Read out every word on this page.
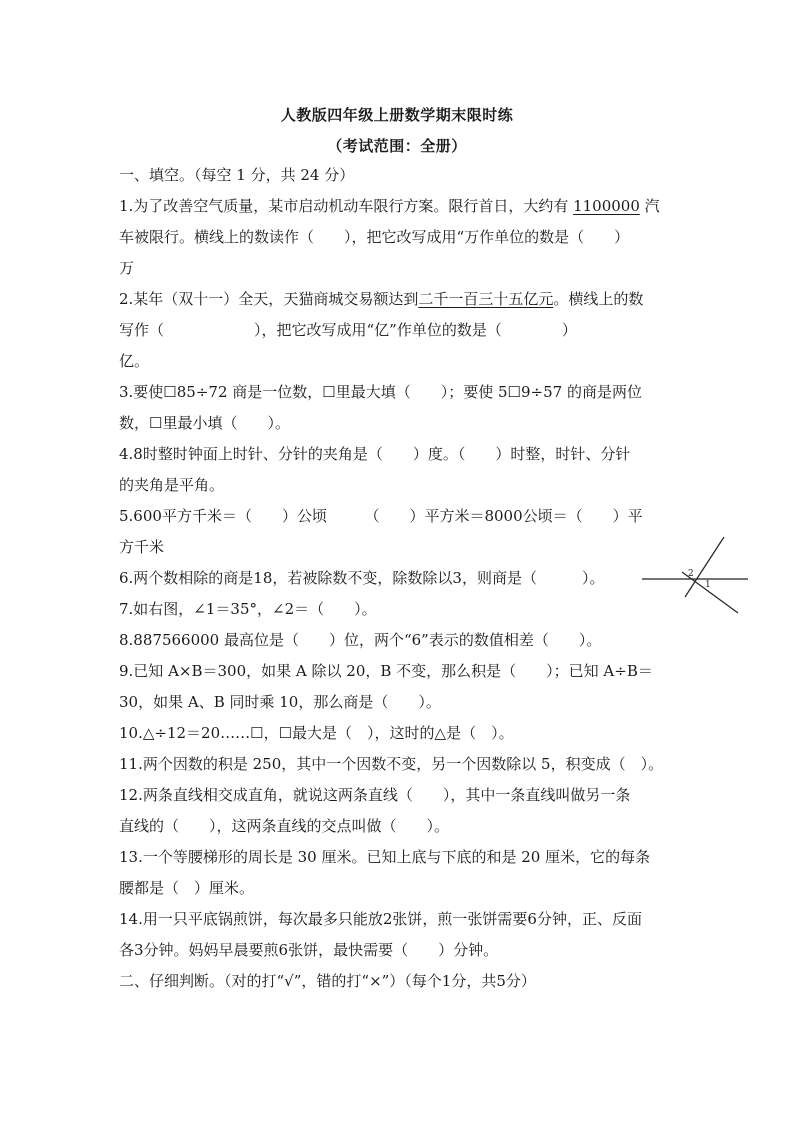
人教版四年级上册数学期末限时练
（考试范围：全册）
一、填空。（每空 1 分，共 24 分）
1.为了改善空气质量，某市启动机动车限行方案。限行首日，大约有 1100000 汽
车被限行。横线上的数读作（　　），把它改写成用“万作单位的数是（　　）
万
2.某年（双十一）全天，天猫商城交易额达到二千一百三十五亿元。横线上的数
写作（　　　　　　），把它改写成用“亿”作单位的数是（　　　　）
亿。
3.要使☐85÷72 商是一位数，☐里最大填（　　）；要使 5☐9÷57 的商是两位
数，☐里最小填（　　）。
4.8时整时钟面上时针、分针的夹角是（　　）度。（　　）时整，时针、分针
的夹角是平角。
5.600平方千米＝（　　）公顷　　　（　　）平方米＝8000公顷＝（　　）平
方千米
6.两个数相除的商是18，若被除数不变，除数除以3，则商是（　　　）。	2
1
7.如右图，∠1＝35°，∠2＝（　　）。
8.887566000 最高位是（　　）位，两个“6”表示的数值相差（　　）。
9.已知 A×B＝300，如果 A 除以 20，B 不变，那么积是（　　）；已知 A÷B＝
30，如果 A、B 同时乘 10，那么商是（　　）。
10.△÷12＝20……☐，☐最大是（　），这时的△是（　）。
11.两个因数的积是 250，其中一个因数不变，另一个因数除以 5，积变成（　）。
12.两条直线相交成直角，就说这两条直线（　　），其中一条直线叫做另一条
直线的（　　），这两条直线的交点叫做（　　）。
13.一个等腰梯形的周长是 30 厘米。已知上底与下底的和是 20 厘米，它的每条
腰都是（　）厘米。
14.用一只平底锅煎饼，每次最多只能放2张饼，煎一张饼需要6分钟，正、反面
各3分钟。妈妈早晨要煎6张饼，最快需要（　　）分钟。
二、仔细判断。（对的打“√”，错的打“×”）（每个1分，共5分）
